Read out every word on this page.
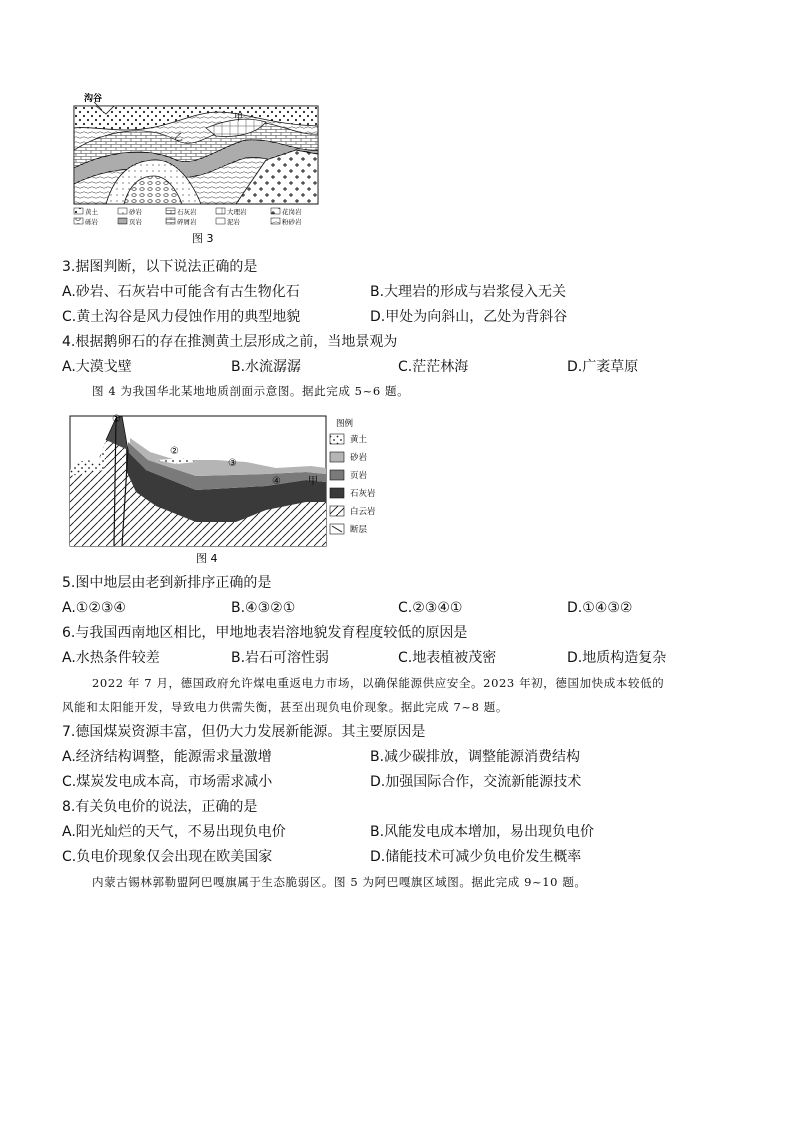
沟谷
甲
乙
黄土	砂岩	石灰岩	大理岩	花岗岩
砾岩	页岩	碎屑岩	泥岩	粉砂岩
图 3
3.据图判断，以下说法正确的是
A.砂岩、石灰岩中可能含有古生物化石	B.大理岩的形成与岩浆侵入无关
C.黄土沟谷是风力侵蚀作用的典型地貌	D.甲处为向斜山，乙处为背斜谷
4.根据鹅卵石的存在推测黄土层形成之前，当地景观为
A.大漠戈壁	B.水流潺潺	C.茫茫林海	D.广袤草原
图 4 为我国华北某地地质剖面示意图。据此完成 5~6 题。
①
②
③
④	甲
图例
黄土
砂岩
页岩
石灰岩
白云岩
断层
图 4
5.图中地层由老到新排序正确的是
A.①②③④	B.④③②①	C.②③④①	D.①④③②
6.与我国西南地区相比，甲地地表岩溶地貌发育程度较低的原因是
A.水热条件较差	B.岩石可溶性弱	C.地表植被茂密	D.地质构造复杂
2022 年 7 月，德国政府允许煤电重返电力市场，以确保能源供应安全。2023 年初，德国加快成本较低的
风能和太阳能开发，导致电力供需失衡，甚至出现负电价现象。据此完成 7~8 题。
7.德国煤炭资源丰富，但仍大力发展新能源。其主要原因是
A.经济结构调整，能源需求量激增	B.减少碳排放，调整能源消费结构
C.煤炭发电成本高，市场需求减小	D.加强国际合作，交流新能源技术
8.有关负电价的说法，正确的是
A.阳光灿烂的天气，不易出现负电价	B.风能发电成本增加，易出现负电价
C.负电价现象仅会出现在欧美国家	D.储能技术可减少负电价发生概率
内蒙古锡林郭勒盟阿巴嘎旗属于生态脆弱区。图 5 为阿巴嘎旗区域图。据此完成 9~10 题。
